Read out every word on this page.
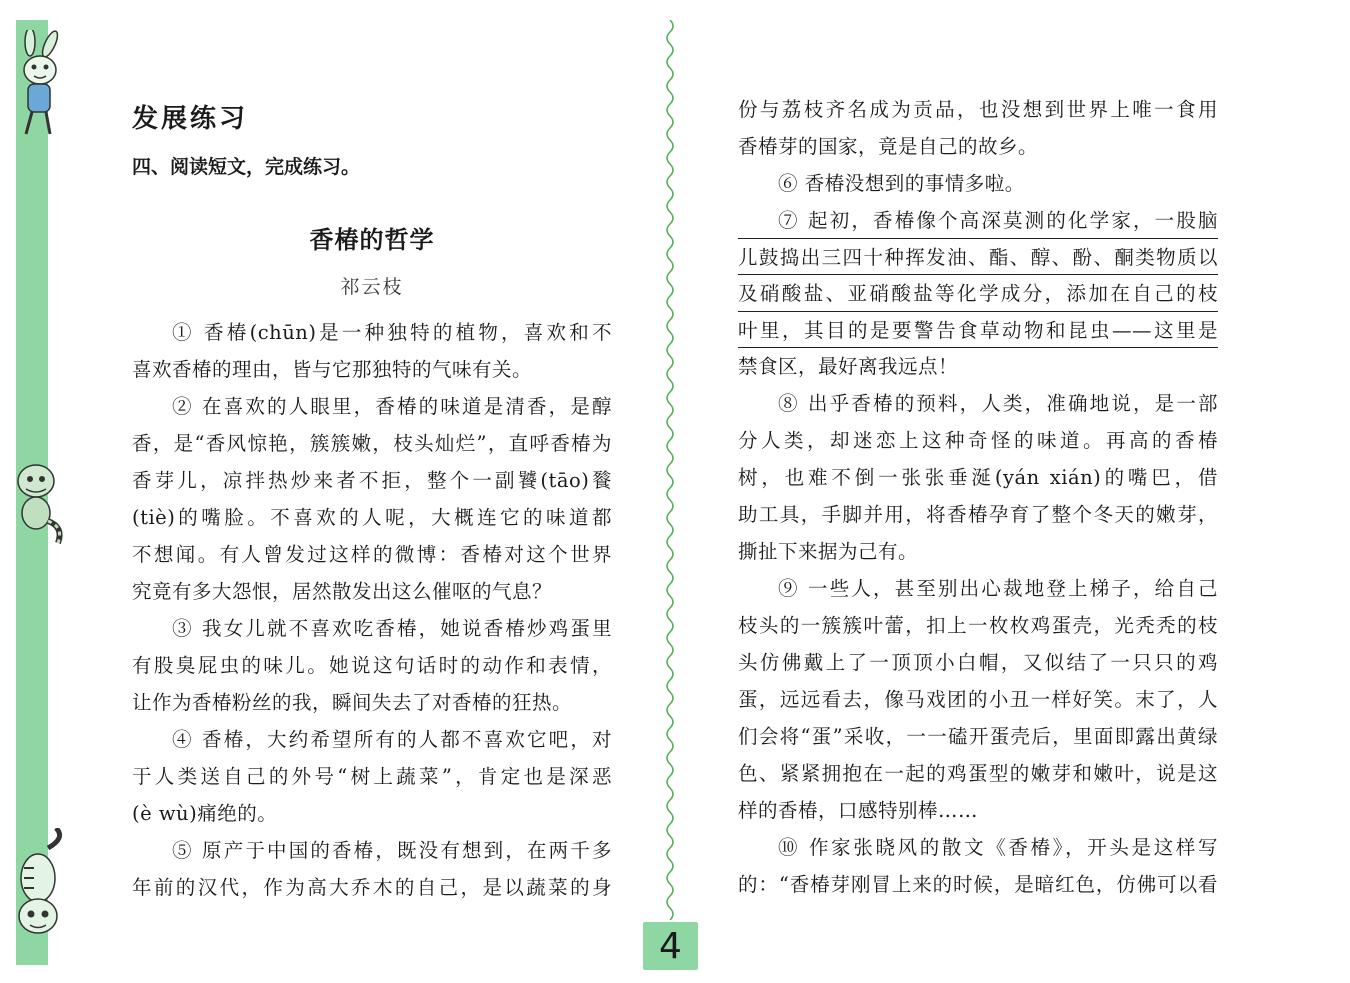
发展练习

四、阅读短文，完成练习。

香椿的哲学

祁云枝

① 香椿(chūn)是一种独特的植物，喜欢和不

喜欢香椿的理由，皆与它那独特的气味有关。

② 在喜欢的人眼里，香椿的味道是清香，是醇

香，是“香风惊艳，簇簇嫩，枝头灿烂”，直呼香椿为

香芽儿，凉拌热炒来者不拒，整个一副饕(tāo)餮

(tiè)的嘴脸。不喜欢的人呢，大概连它的味道都

不想闻。有人曾发过这样的微博：香椿对这个世界

究竟有多大怨恨，居然散发出这么催呕的气息？

③ 我女儿就不喜欢吃香椿，她说香椿炒鸡蛋里

有股臭屁虫的味儿。她说这句话时的动作和表情，

让作为香椿粉丝的我，瞬间失去了对香椿的狂热。

④ 香椿，大约希望所有的人都不喜欢它吧，对

于人类送自己的外号“树上蔬菜”，肯定也是深恶

(è wù)痛绝的。

⑤ 原产于中国的香椿，既没有想到，在两千多

年前的汉代，作为高大乔木的自己，是以蔬菜的身

份与荔枝齐名成为贡品，也没想到世界上唯一食用

香椿芽的国家，竟是自己的故乡。

⑥ 香椿没想到的事情多啦。

⑦ 起初，香椿像个高深莫测的化学家，一股脑

儿鼓捣出三四十种挥发油、酯、醇、酚、酮类物质以

及硝酸盐、亚硝酸盐等化学成分，添加在自己的枝

叶里，其目的是要警告食草动物和昆虫——这里是

禁食区，最好离我远点！

⑧ 出乎香椿的预料，人类，准确地说，是一部

分人类，却迷恋上这种奇怪的味道。再高的香椿

树，也难不倒一张张垂涎(yán xián)的嘴巴，借

助工具，手脚并用，将香椿孕育了整个冬天的嫩芽，

撕扯下来据为己有。

⑨ 一些人，甚至别出心裁地登上梯子，给自己

枝头的一簇簇叶蕾，扣上一枚枚鸡蛋壳，光秃秃的枝

头仿佛戴上了一顶顶小白帽，又似结了一只只的鸡

蛋，远远看去，像马戏团的小丑一样好笑。末了，人

们会将“蛋”采收，一一磕开蛋壳后，里面即露出黄绿

色、紧紧拥抱在一起的鸡蛋型的嫩芽和嫩叶，说是这

样的香椿，口感特别棒……

⑩ 作家张晓风的散文《香椿》，开头是这样写

的：“香椿芽刚冒上来的时候，是暗红色，仿佛可以看

4
